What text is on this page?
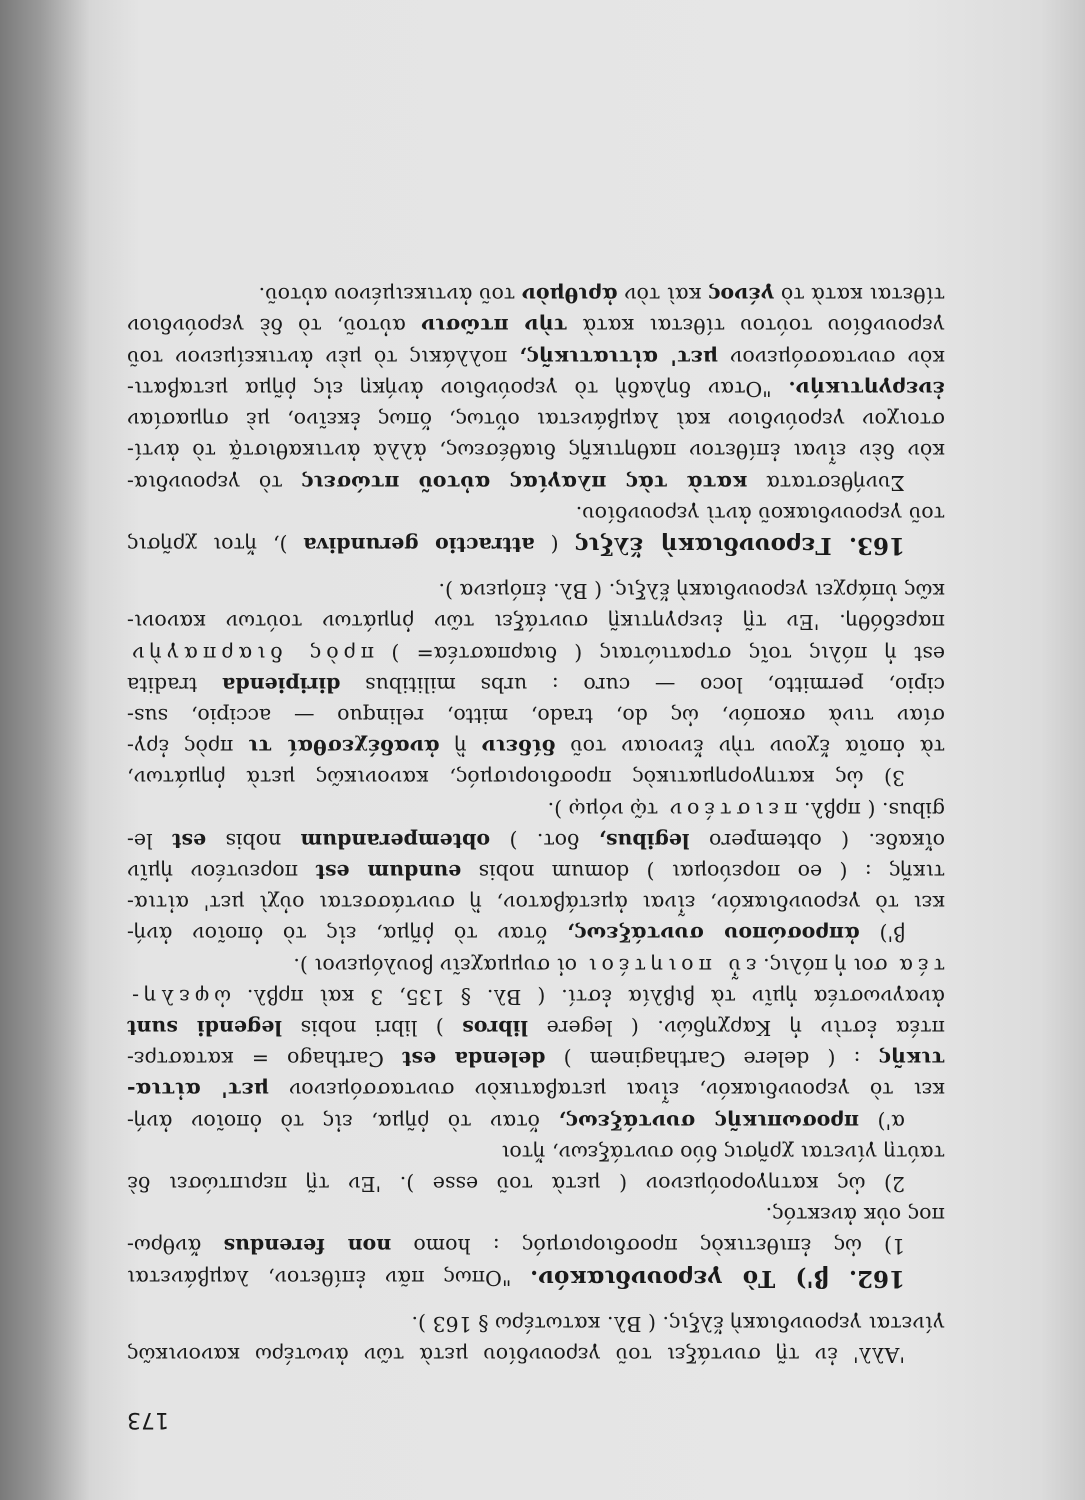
173
'Αλλ' ἐν τῇ συντάξει τοῦ γερουνδίου μετὰ τῶν ἀνωτέρω κανονικῶς
γίνεται γερουνδιακὴ ἕλξις. ( Βλ. κατωτέρω § 163 ).
162. β') Τὸ γερουνδιακόν. "Οπως πᾶν ἐπίθετον, λαμβάνεται
1) ὡς ἐπιθετικὸς προσδιορισμός : homo non ferendus ἄνθρω-
πος οὐκ ἀνεκτός.
2) ὡς κατηγορούμενον ( μετὰ τοῦ esse ). 'Εν τῇ περιπτώσει δὲ
ταύτῃ γίνεται χρῆσις δύο συντάξεων, ἤτοι
α') προσωπικῆς συντάξεως, ὅταν τὸ ῥῆμα, εἰς τὸ ὁποῖον ἀνή-
κει τὸ γερουνδιακόν, εἶναι μεταβατικὸν συντασσόμενον μετ' αἰτια-
τικῆς : ( delere Carthaginem ) delenda est Carthago = καταστρε-
πτέα ἐστὶν ἡ Καρχηδών. ( legere libros ) libri nobis legendi sunt
ἀναγνωστέα ἡμῖν τὰ βιβλία ἐστί. ( Βλ. § 135, 3 καὶ πρβλ. ὠφελη-
τέα σοι ἡ πόλις. εὖ ποιητέοι οἱ συμμαχεῖν βουλόμενοι ).
β') ἀπροσώπου συντάξεως, ὅταν τὸ ῥῆμα, εἰς τὸ ὁποῖον ἀνή-
κει τὸ γερουνδιακόν, εἶναι ἀμετάβατον, ἢ συντάσσεται οὐχὶ μετ' αἰτια-
τικῆς : ( eo πορεύομαι ) domum nobis eundum est πορευτέον ἡμῖν
οἴκαδε. ( obtempero legibus, δοτ. ) obtemperandum nobis est le-
gibus. ( πρβλ. πειστέον τῷ νόμῳ ).
3) ὡς κατηγορηματικὸς προσδιορισμός, κανονικῶς μετὰ ῥημάτων,
τὰ ὁποῖα ἔχουν τὴν ἔννοιαν τοῦ δίδειν ἢ ἀναδέχεσθαί τι πρὸς ἐργ-
σίαν τινὰ σκοπόν, ὡς do, trado, mitto, relinquo — accipio, sus-
cipio, permitto, loco — curo : urbs militibus diripienda tradita
est ἡ πόλις τοῖς στρατιώταις ( διαρπαστέα= ) πρὸς διαρπαγὴν
παρεδόθη. 'Εν τῇ ἐνεργητικῇ συντάξει τῶν ῥημάτων τούτων κανονι-
κῶς ὑπάρχει γερουνδιακὴ ἕλξις. ( Βλ. ἑπόμενα ).
163. Γερουνδιακὴ ἕλξις ( attractio gerundiva ), ἤτοι χρῆσις
τοῦ γερουνδιακοῦ ἀντὶ γερουνδίου.
Συνήθεστατα κατὰ τὰς πλαγίας αὐτοῦ πτώσεις τὸ γερουνδια-
κὸν δὲν εἶναι ἐπίθετον παθητικῆς διαθέσεως, ἀλλὰ ἀντικαθιστᾷ τὸ ἀντί-
στοιχον γερούνδιον καὶ λαμβάνεται οὕτως, ὅπως ἐκεῖνο, μὲ σημασίαν
ἐνεργητικήν. "Οταν δηλαδὴ τὸ γερούνδιον ἀνήκῃ εἰς ῥῆμα μεταβατι-
κὸν συντασσόμενον μετ' αἰτιατικῆς, πολλάκις τὸ μὲν ἀντικείμενον τοῦ
γερουνδίου τούτου τίθεται κατὰ τὴν πτῶσιν αὐτοῦ, τὸ δὲ γερούνδιον
τίθεται κατὰ τὸ γένος καὶ τὸν ἀριθμὸν τοῦ ἀντικειμένου αὐτοῦ.
